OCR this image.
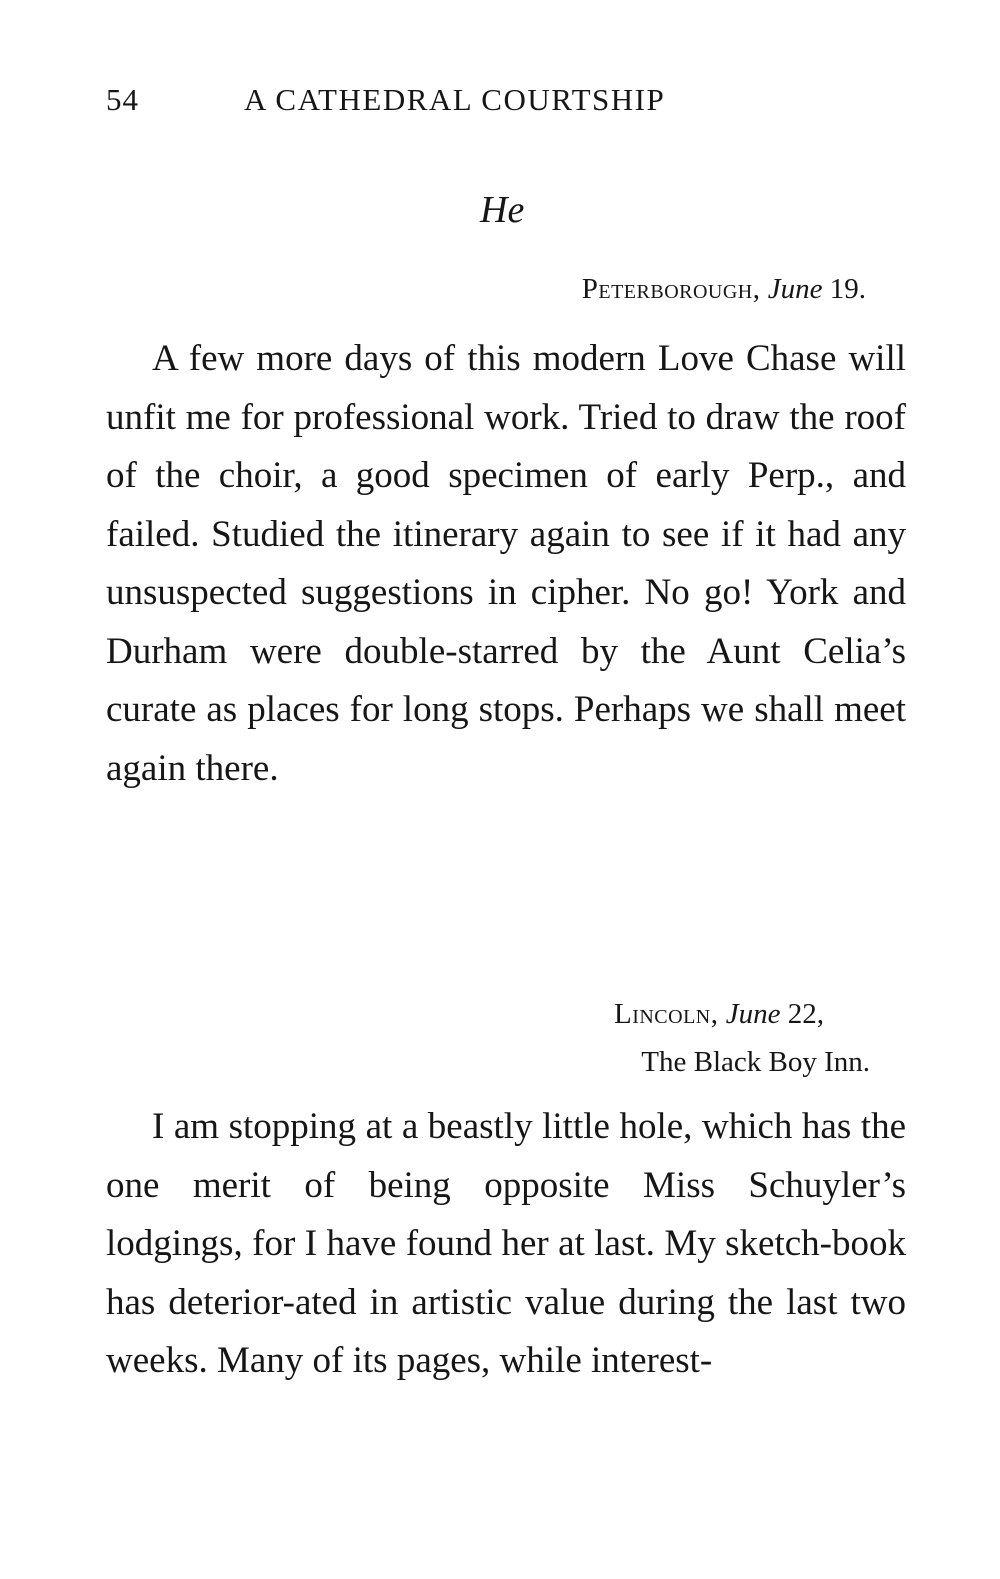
54	A CATHEDRAL COURTSHIP
He
Peterborough, June 19.

A few more days of this modern Love Chase will unfit me for professional work. Tried to draw the roof of the choir, a good specimen of early Perp., and failed. Studied the itinerary again to see if it had any unsuspected suggestions in cipher. No go! York and Durham were double-starred by the Aunt Celia’s curate as places for long stops. Perhaps we shall meet again there.

Lincoln, June 22,
The Black Boy Inn.

I am stopping at a beastly little hole, which has the one merit of being opposite Miss Schuyler’s lodgings, for I have found her at last. My sketch-book has deterior-ated in artistic value during the last two weeks. Many of its pages, while interest-
